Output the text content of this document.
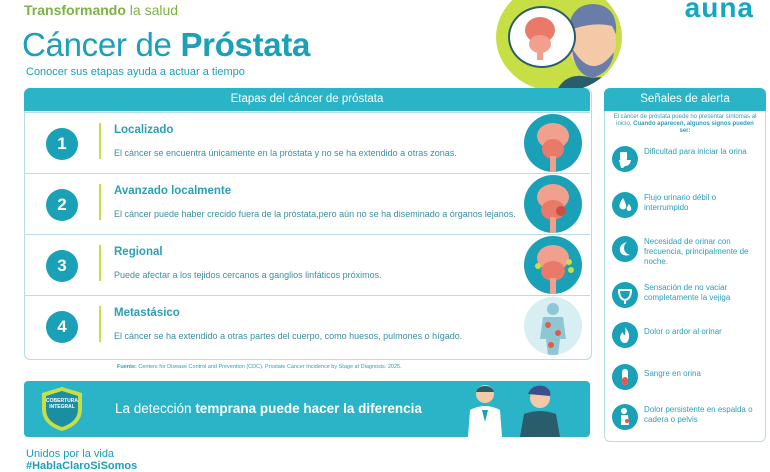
Transformando la salud
Cáncer de Próstata
Conocer sus etapas ayuda a actuar a tiempo
auna
Etapas del cáncer de próstata
1
Localizado
El cáncer se encuentra únicamente en la próstata y no se ha extendido a otras zonas.
2
Avanzado localmente
El cáncer puede haber crecido fuera de la próstata,pero aún no se ha diseminado a órganos lejanos.
3
Regional
Puede afectar a los tejidos cercanos a ganglios linfáticos próximos.
4
Metastásico
El cáncer se ha extendido a otras partes del cuerpo, como huesos, pulmones o hígado.
Fuente: Centers for Disease Control and Prevention (CDC). Prostate Cancer Incidence by Stage at Diagnosis. 2025.
COBERTURA
INTEGRAL	La detección temprana puede hacer la diferencia
Unidos por la vida
#HablaClaroSiSomos
Señales de alerta
El cáncer de próstata puede no presentar síntomas al inicio. Cuando aparecen, algunos signos pueden ser:
Dificultad para iniciar la orina
Flujo urinario débil o interrumpido
Necesidad de orinar con frecuencia, principalmente de noche.
Sensación de no vaciar completamente la vejiga
Dolor o ardor al orinar
Sangre en orina
Dolor persistente en espalda o cadera o pelvis
